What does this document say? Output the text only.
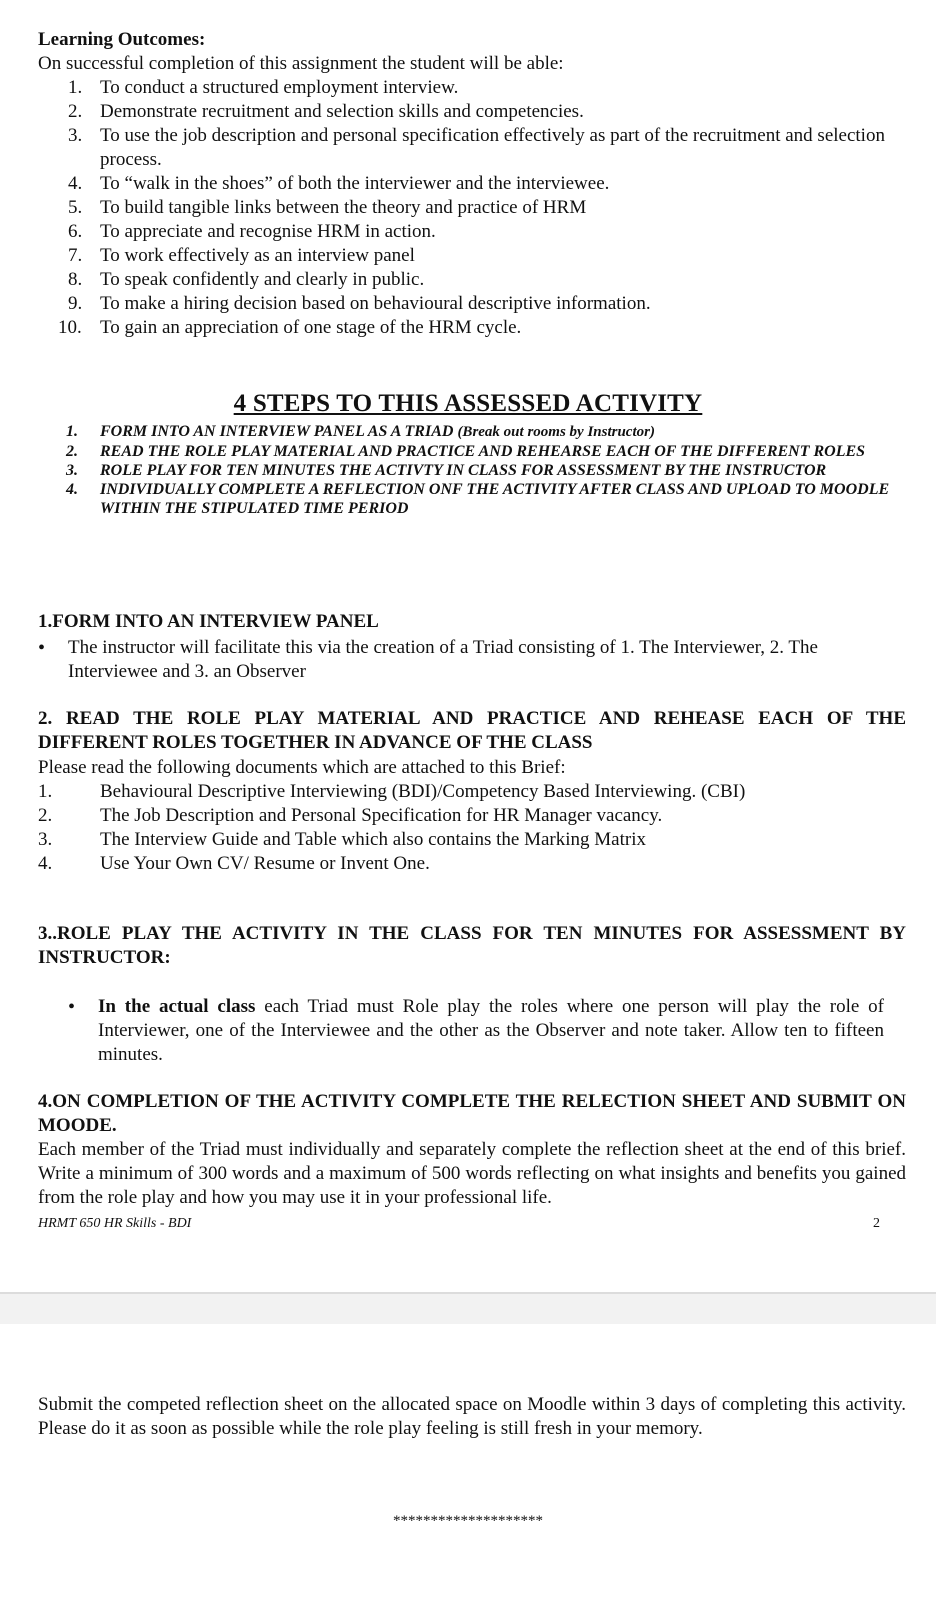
Learning Outcomes:
On successful completion of this assignment the student will be able:
1. To conduct a structured employment interview.
2. Demonstrate recruitment and selection skills and competencies.
3. To use the job description and personal specification effectively as part of the recruitment and selection process.
4. To “walk in the shoes” of both the interviewer and the interviewee.
5. To build tangible links between the theory and practice of HRM
6. To appreciate and recognise HRM in action.
7. To work effectively as an interview panel
8. To speak confidently and clearly in public.
9. To make a hiring decision based on behavioural descriptive information.
10. To gain an appreciation of one stage of the HRM cycle.
4 STEPS TO THIS ASSESSED ACTIVITY
1.	FORM INTO AN INTERVIEW PANEL AS A TRIAD (Break out rooms by Instructor)
2.	READ THE ROLE PLAY MATERIAL AND PRACTICE AND REHEARSE EACH OF THE DIFFERENT ROLES
3.	ROLE PLAY FOR TEN MINUTES THE ACTIVTY IN CLASS FOR ASSESSMENT BY THE INSTRUCTOR
4.	INDIVIDUALLY COMPLETE A REFLECTION ONF THE ACTIVITY AFTER CLASS AND UPLOAD TO MOODLE WITHIN THE STIPULATED TIME PERIOD
1.FORM INTO AN INTERVIEW PANEL
•	The instructor will facilitate this via the creation of a Triad consisting of 1. The Interviewer, 2. The Interviewee and 3. an Observer
2. READ THE ROLE PLAY MATERIAL AND PRACTICE AND REHEASE EACH OF THE DIFFERENT ROLES TOGETHER IN ADVANCE OF THE CLASS
Please read the following documents which are attached to this Brief:
1.	Behavioural Descriptive Interviewing (BDI)/Competency Based Interviewing. (CBI)
2.	The Job Description and Personal Specification for HR Manager vacancy.
3.	The Interview Guide and Table which also contains the Marking Matrix
4.	Use Your Own CV/ Resume or Invent One.
3..ROLE PLAY THE ACTIVITY IN THE CLASS FOR TEN MINUTES FOR ASSESSMENT BY INSTRUCTOR:
•	In the actual class each Triad must Role play the roles where one person will play the role of Interviewer, one of the Interviewee and the other as the Observer and note taker. Allow ten to fifteen minutes.
4.ON COMPLETION OF THE ACTIVITY COMPLETE THE RELECTION SHEET AND SUBMIT ON MOODE.
Each member of the Triad must individually and separately complete the reflection sheet at the end of this brief. Write a minimum of 300 words and a maximum of 500 words reflecting on what insights and benefits you gained from the role play and how you may use it in your professional life.
HRMT 650 HR Skills - BDI	2
Submit the competed reflection sheet on the allocated space on Moodle within 3 days of completing this activity. Please do it as soon as possible while the role play feeling is still fresh in your memory.
********************
